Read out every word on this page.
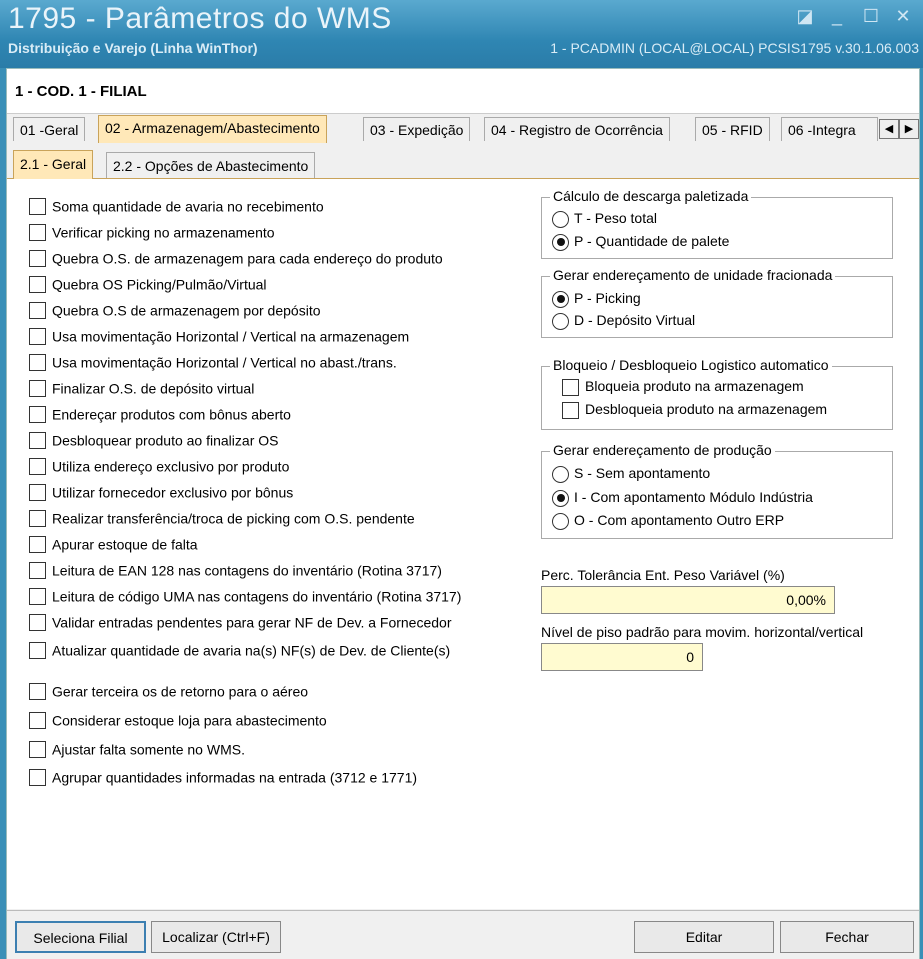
1795 - Parâmetros do WMS
Distribuição e Varejo (Linha WinThor)	1 - PCADMIN (LOCAL@LOCAL) PCSIS1795 v.30.1.06.003
◪	_	☐ ✕
1 - COD. 1 - FILIAL
01 -Geral	02 - Armazenagem/Abastecimento	03 - Expedição	04 - Registro de Ocorrência	05 - RFID	06 -Integra	◀ ▶
2.1 - Geral	2.2 - Opções de Abastecimento
Soma quantidade de avaria no recebimento
Verificar picking no armazenamento
Quebra O.S. de armazenagem para cada endereço do produto
Quebra OS Picking/Pulmão/Virtual
Quebra O.S de armazenagem por depósito
Usa movimentação Horizontal / Vertical na armazenagem
Usa movimentação Horizontal / Vertical no abast./trans.
Finalizar O.S. de depósito virtual
Endereçar produtos com bônus aberto
Desbloquear produto ao finalizar OS
Utiliza endereço exclusivo por produto
Utilizar fornecedor exclusivo por bônus
Realizar transferência/troca de picking com O.S. pendente
Apurar estoque de falta
Leitura de EAN 128 nas contagens do inventário (Rotina 3717)
Leitura de código UMA nas contagens do inventário (Rotina 3717)
Validar entradas pendentes para gerar NF de Dev. a Fornecedor
Atualizar quantidade de avaria na(s) NF(s) de Dev. de Cliente(s)
Gerar terceira os de retorno para o aéreo
Considerar estoque loja para abastecimento
Ajustar falta somente no WMS.
Agrupar quantidades informadas na entrada (3712 e 1771)
Cálculo de descarga paletizada
T - Peso total
P - Quantidade de palete
Gerar endereçamento de unidade fracionada
P - Picking
D - Depósito Virtual
Bloqueio / Desbloqueio Logistico automatico
Bloqueia produto na armazenagem
Desbloqueia produto na armazenagem
Gerar endereçamento de produção
S - Sem apontamento
I - Com apontamento Módulo Indústria
O - Com apontamento Outro ERP
Perc. Tolerância Ent. Peso Variável (%)
0,00%
Nível de piso padrão para movim. horizontal/vertical
0
Seleciona Filial	Localizar (Ctrl+F)	Editar	Fechar
